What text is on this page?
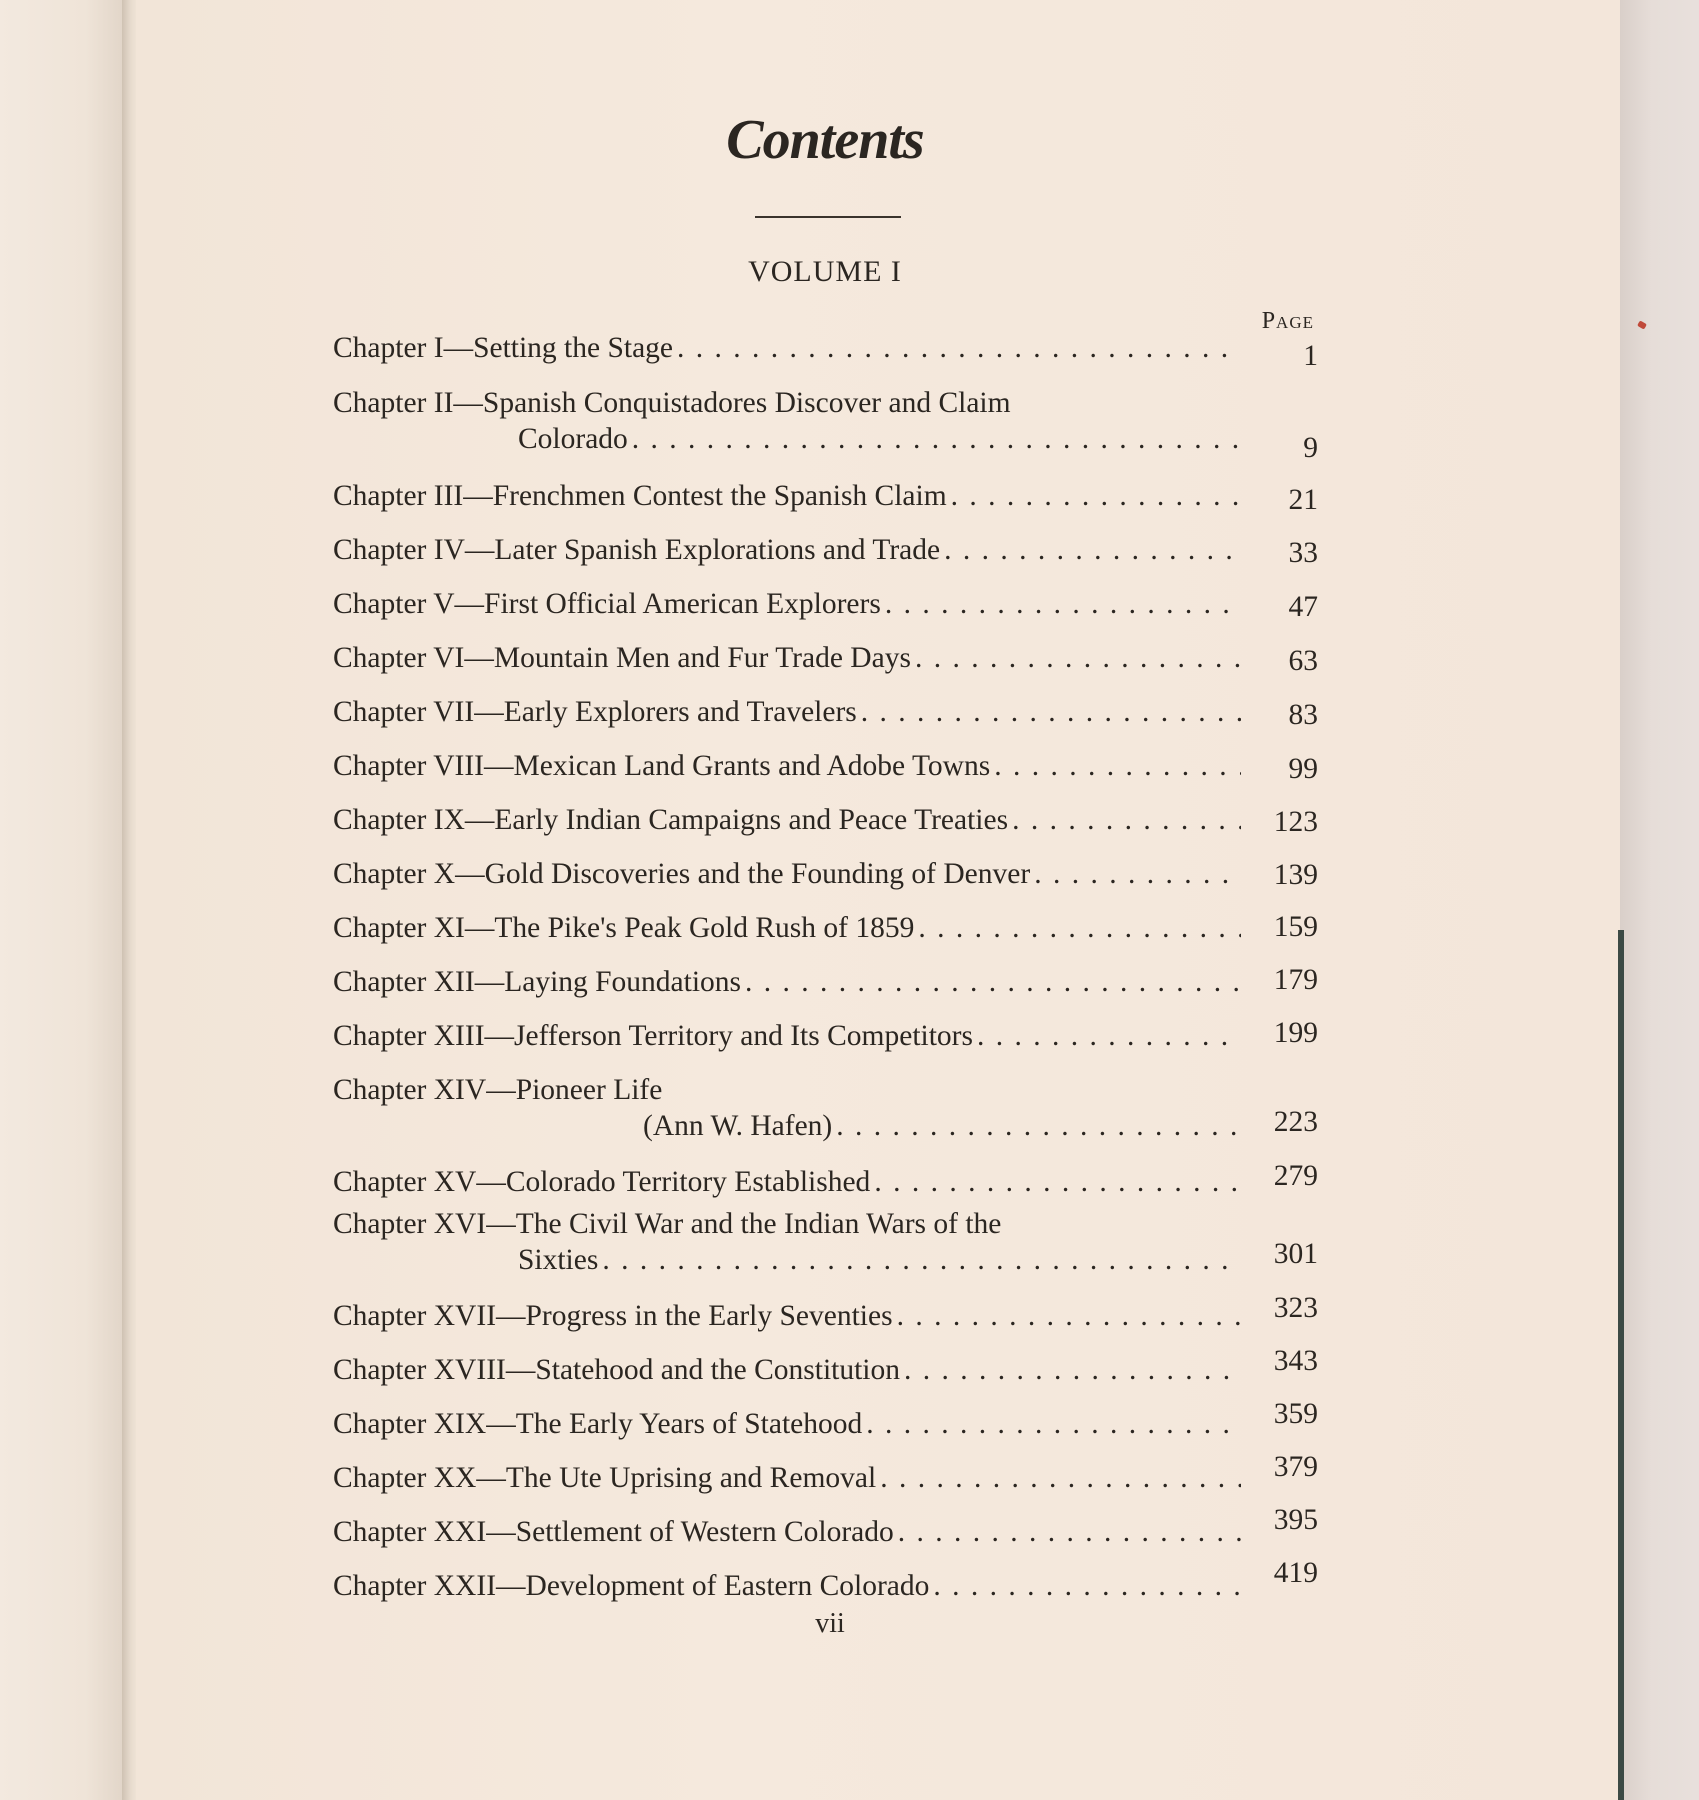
Contents
VOLUME I
Page
Chapter I —Setting the Stage . . .	1
Chapter II—Spanish Conquistadores Discover and Claim
Colorado . . .	9
Chapter III —Frenchmen Contest the Spanish Claim . . .	21
Chapter IV —Later Spanish Explorations and Trade . . .	33
Chapter V —First Official American Explorers . . .	47
Chapter VI —Mountain Men and Fur Trade Days . . .	63
Chapter VII —Early Explorers and Travelers . . .	83
Chapter VIII —Mexican Land Grants and Adobe Towns . . .	99
Chapter IX —Early Indian Campaigns and Peace Treaties . . .	123
Chapter X —Gold Discoveries and the Founding of Denver . . .	139
Chapter XI —The Pike's Peak Gold Rush of 1859 . . .	159
Chapter XII —Laying Foundations . . .	179
Chapter XIII —Jefferson Territory and Its Competitors . . .	199
Chapter XIV —Pioneer Life
(Ann W. Hafen) . . .	223
Chapter XV —Colorado Territory Established . . .	279
Chapter XVI —The Civil War and the Indian Wars of the
Sixties . . .	301
Chapter XVII —Progress in the Early Seventies . . .	323
Chapter XVIII —Statehood and the Constitution . . .	343
Chapter XIX —The Early Years of Statehood . . .	359
Chapter XX —The Ute Uprising and Removal . . .	379
Chapter XXI —Settlement of Western Colorado . . .	395
Chapter XXII —Development of Eastern Colorado . . .	419
vii
